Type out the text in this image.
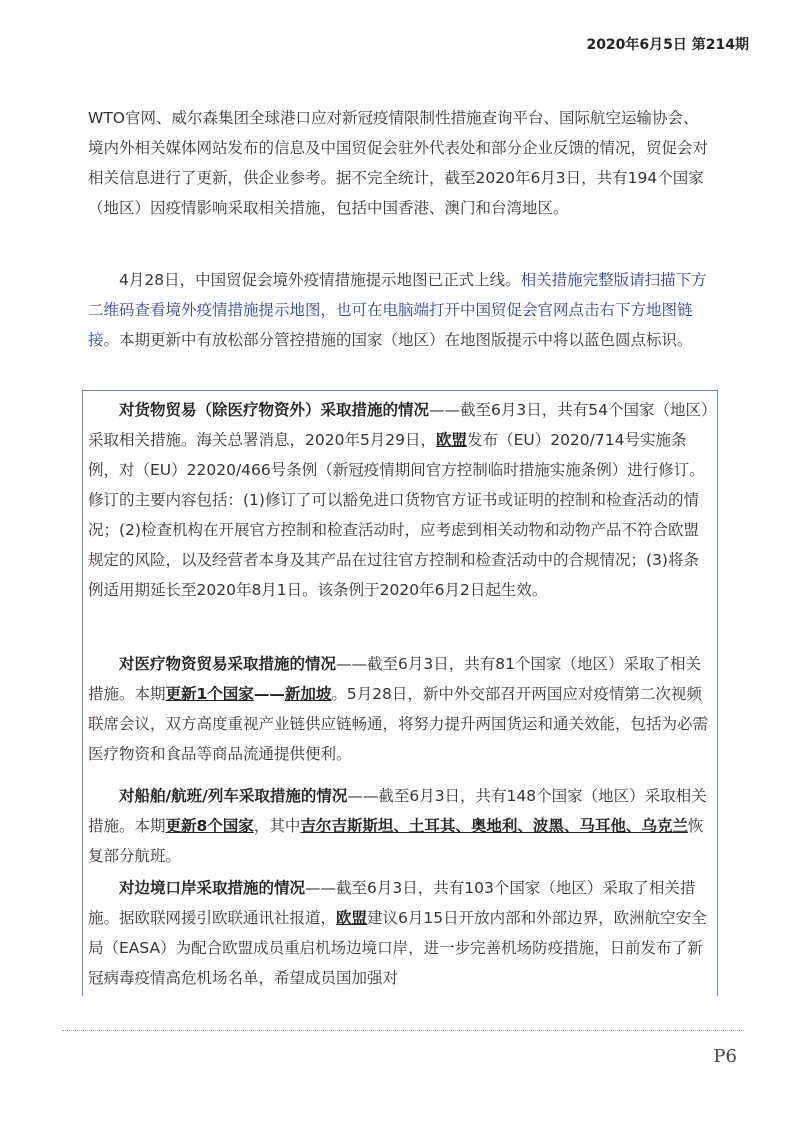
2020年6月5日 第214期

WTO官网、威尔森集团全球港口应对新冠疫情限制性措施查询平台、国际航空运输协会、境内外相关媒体网站发布的信息及中国贸促会驻外代表处和部分企业反馈的情况，贸促会对相关信息进行了更新，供企业参考。据不完全统计，截至2020年6月3日，共有194个国家（地区）因疫情影响采取相关措施，包括中国香港、澳门和台湾地区。

4月28日，中国贸促会境外疫情措施提示地图已正式上线。相关措施完整版请扫描下方二维码查看境外疫情措施提示地图，也可在电脑端打开中国贸促会官网点击右下方地图链接。本期更新中有放松部分管控措施的国家（地区）在地图版提示中将以蓝色圆点标识。

对货物贸易（除医疗物资外）采取措施的情况——截至6月3日，共有54个国家（地区）采取相关措施。海关总署消息，2020年5月29日，欧盟发布（EU）2020/714号实施条例，对（EU）22020/466号条例（新冠疫情期间官方控制临时措施实施条例）进行修订。修订的主要内容包括：(1)修订了可以豁免进口货物官方证书或证明的控制和检查活动的情况；(2)检查机构在开展官方控制和检查活动时，应考虑到相关动物和动物产品不符合欧盟规定的风险，以及经营者本身及其产品在过往官方控制和检查活动中的合规情况；(3)将条例适用期延长至2020年8月1日。该条例于2020年6月2日起生效。

对医疗物资贸易采取措施的情况——截至6月3日，共有81个国家（地区）采取了相关措施。本期更新1个国家——新加坡。5月28日，新中外交部召开两国应对疫情第二次视频联席会议，双方高度重视产业链供应链畅通，将努力提升两国货运和通关效能，包括为必需医疗物资和食品等商品流通提供便利。

对船舶/航班/列车采取措施的情况——截至6月3日，共有148个国家（地区）采取相关措施。本期更新8个国家，其中吉尔吉斯斯坦、土耳其、奥地利、波黑、马耳他、乌克兰恢复部分航班。

对边境口岸采取措施的情况——截至6月3日，共有103个国家（地区）采取了相关措施。据欧联网援引欧联通讯社报道，欧盟建议6月15日开放内部和外部边界，欧洲航空安全局（EASA）为配合欧盟成员重启机场边境口岸，进一步完善机场防疫措施，日前发布了新冠病毒疫情高危机场名单，希望成员国加强对

P6
